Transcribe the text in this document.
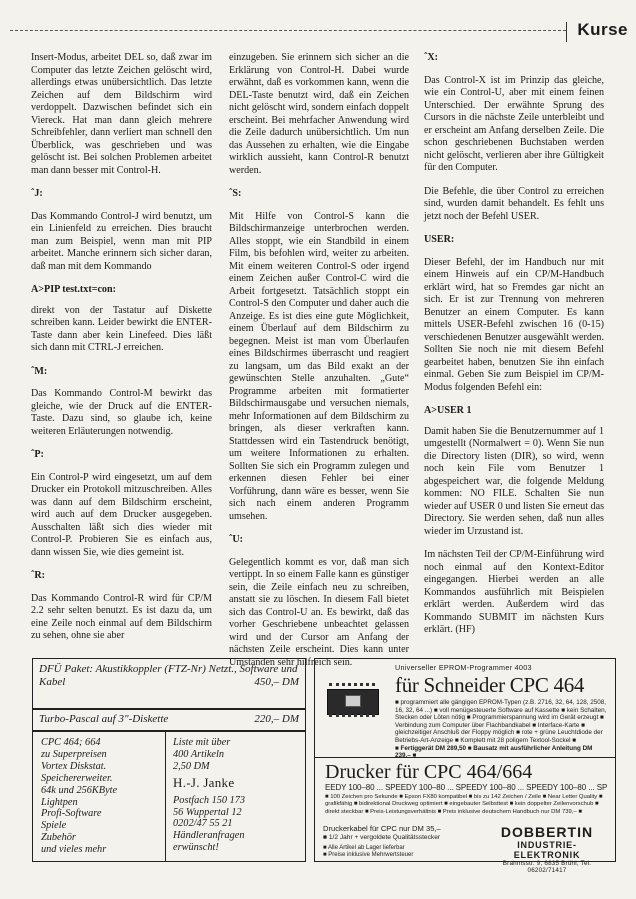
Kurse

Insert-Modus, arbeitet DEL so, daß zwar im Computer das letzte Zeichen gelöscht wird, allerdings etwas unübersichtlich. Das letzte Zeichen auf dem Bildschirm wird verdoppelt. Dazwischen befindet sich ein Viereck. Hat man dann gleich mehrere Schreibfehler, dann verliert man schnell den Überblick, was geschrieben und was gelöscht ist. Bei solchen Problemen arbeitet man dann besser mit Control-H.

ˆJ:

Das Kommando Control-J wird benutzt, um ein Linienfeld zu erreichen. Dies braucht man zum Beispiel, wenn man mit PIP arbeitet. Manche erinnern sich sicher daran, daß man mit dem Kommando

A>PIP test.txt=con:

direkt von der Tastatur auf Diskette schreiben kann. Leider bewirkt die ENTER-Taste dann aber kein Linefeed. Dies läßt sich dann mit CTRL-J erreichen.

ˆM:

Das Kommando Control-M bewirkt das gleiche, wie der Druck auf die ENTER-Taste. Dazu sind, so glaube ich, keine weiteren Erläuterungen notwendig.

ˆP:

Ein Control-P wird eingesetzt, um auf dem Drucker ein Protokoll mitzuschreiben. Alles was dann auf dem Bildschirm erscheint, wird auch auf dem Drucker ausgegeben. Ausschalten läßt sich dies wieder mit Control-P. Probieren Sie es einfach aus, dann wissen Sie, wie dies gemeint ist.

ˆR:

Das Kommando Control-R wird für CP/M 2.2 sehr selten benutzt. Es ist dazu da, um eine Zeile noch einmal auf dem Bildschirm zu sehen, ohne sie aber

einzugeben. Sie erinnern sich sicher an die Erklärung von Control-H. Dabei wurde erwähnt, daß es vorkommen kann, wenn die DEL-Taste benutzt wird, daß ein Zeichen nicht gelöscht wird, sondern einfach doppelt erscheint. Bei mehrfacher Anwendung wird die Zeile dadurch unübersichtlich. Um nun das Aussehen zu erhalten, wie die Eingabe wirklich aussieht, kann Control-R benutzt werden.

ˆS:

Mit Hilfe von Control-S kann die Bildschirmanzeige unterbrochen werden. Alles stoppt, wie ein Standbild in einem Film, bis befohlen wird, weiter zu arbeiten. Mit einem weiteren Control-S oder irgend einem Zeichen außer Control-C wird die Arbeit fortgesetzt. Tatsächlich stoppt ein Control-S den Computer und daher auch die Anzeige. Es ist dies eine gute Möglichkeit, einem Überlauf auf dem Bildschirm zu begegnen. Meist ist man vom Überlaufen eines Bildschirmes überrascht und reagiert zu langsam, um das Bild exakt an der gewünschten Stelle anzuhalten. „Gute“ Programme arbeiten mit formatierter Bildschirmausgabe und versuchen niemals, mehr Informationen auf dem Bildschirm zu bringen, als dieser verkraften kann. Stattdessen wird ein Tastendruck benötigt, um weitere Informationen zu erhalten. Sollten Sie sich ein Programm zulegen und erkennen diesen Fehler bei einer Vorführung, dann wäre es besser, wenn Sie sich nach einem anderen Programm umsehen.

ˆU:

Gelegentlich kommt es vor, daß man sich vertippt. In so einem Falle kann es günstiger sein, die Zeile einfach neu zu schreiben, anstatt sie zu löschen. In diesem Fall bietet sich das Control-U an. Es bewirkt, daß das vorher Geschriebene unbeachtet gelassen wird und der Cursor am Anfang der nächsten Zeile erscheint. Dies kann unter Umständen sehr hilfreich sein.

ˆX:

Das Control-X ist im Prinzip das gleiche, wie ein Control-U, aber mit einem feinen Unterschied. Der erwähnte Sprung des Cursors in die nächste Zeile unterbleibt und er erscheint am Anfang derselben Zeile. Die schon geschriebenen Buchstaben werden nicht gelöscht, verlieren aber ihre Gültigkeit für den Computer.

Die Befehle, die über Control zu erreichen sind, wurden damit behandelt. Es fehlt uns jetzt noch der Befehl USER.

USER:

Dieser Befehl, der im Handbuch nur mit einem Hinweis auf ein CP/M-Handbuch erklärt wird, hat so Fremdes gar nicht an sich. Er ist zur Trennung von mehreren Benutzer an einem Computer. Es kann mittels USER-Befehl zwischen 16 (0-15) verschiedenen Benutzer ausgewählt werden. Sollten Sie noch nie mit diesem Befehl gearbeitet haben, benutzen Sie ihn einfach einmal. Geben Sie zum Beispiel im CP/M-Modus folgenden Befehl ein:

A>USER 1

Damit haben Sie die Benutzernummer auf 1 umgestellt (Normalwert = 0). Wenn Sie nun die Directory listen (DIR), so wird, wenn noch kein File vom Benutzer 1 abgespeichert war, die folgende Meldung kommen: NO FILE. Schalten Sie nun wieder auf USER 0 und listen Sie erneut das Directory. Sie werden sehen, daß nun alles wieder im Urzustand ist.

Im nächsten Teil der CP/M-Einführung wird noch einmal auf den Kontext-Editor eingegangen. Hierbei werden an alle Kommandos ausführlich mit Beispielen erklärt werden. Außerdem wird das Kommando SUBMIT im nächsten Kurs erklärt. (HF)

DFÜ Paket: Akustikkoppler (FTZ-Nr) Netzt., Software und Kabel	450,– DM
Turbo-Pascal auf 3"-Diskette	220,– DM
CPC 464; 664
zu Superpreisen
Vortex Diskstat.
Speichererweiter.
64k und 256KByte
Lightpen
Profi-Software
Spiele
Zubehör
und vieles mehr
Liste mit über
400 Artikeln
2,50 DM
H.-J. Janke
Postfach 150 173
56 Wuppertal 12
0202/47 55 21
Händleranfragen
erwünscht!
Universeller EPROM-Programmer 4003
für Schneider CPC 464
■ programmiert alle gängigen EPROM-Typen (z.B. 2716, 32, 64, 128, 2508, 16, 32, 64 ...) ■ voll menügesteuerte Software auf Kassette ■ kein Schalten, Stecken oder Löten nötig ■ Programmierspannung wird im Gerät erzeugt ■ Verbindung zum Computer über Flachbandkabel ■ Interface-Karte ■ gleichzeitiger Anschluß der Floppy möglich ■ rote + grüne Leuchtdiode der Betriebs-Art-Anzeige ■ Komplett mit 28 poligem Textool-Sockel ■
■ Fertiggerät DM 289,50 ■ Bausatz mit ausführlicher Anleitung DM 239,– ■
Drucker für CPC 464/664
EEDY 100–80 ... SPEEDY 100–80 ... SPEEDY 100–80 ... SPEEDY 100–80 ... SP
■ 100 Zeichen pro Sekunde ■ Epson FX80 kompatibel ■ bis zu 142 Zeichen / Zeile ■ Near Letter Quality ■ grafikfähig ■ bidirektional Druckweg optimiert ■ eingebauter Selbsttest ■ kein doppelter Zeilenvorschub ■ direkt steckbar ■ Preis-Leistungsverhältnis ■ Preis inklusive deutschem Handbuch nur DM 739,– ■
Druckerkabel für CPC nur DM 35,–
■ 1/2 Jahr + vergoldete Qualitätsstecker	DOBBERTIN
INDUSTRIE-ELEKTRONIK
Brahmsstr. 9, 6835 Brühl, Tel. 06202/71417
■ Alle Artikel ab Lager lieferbar
■ Preise inklusive Mehrwertsteuer
